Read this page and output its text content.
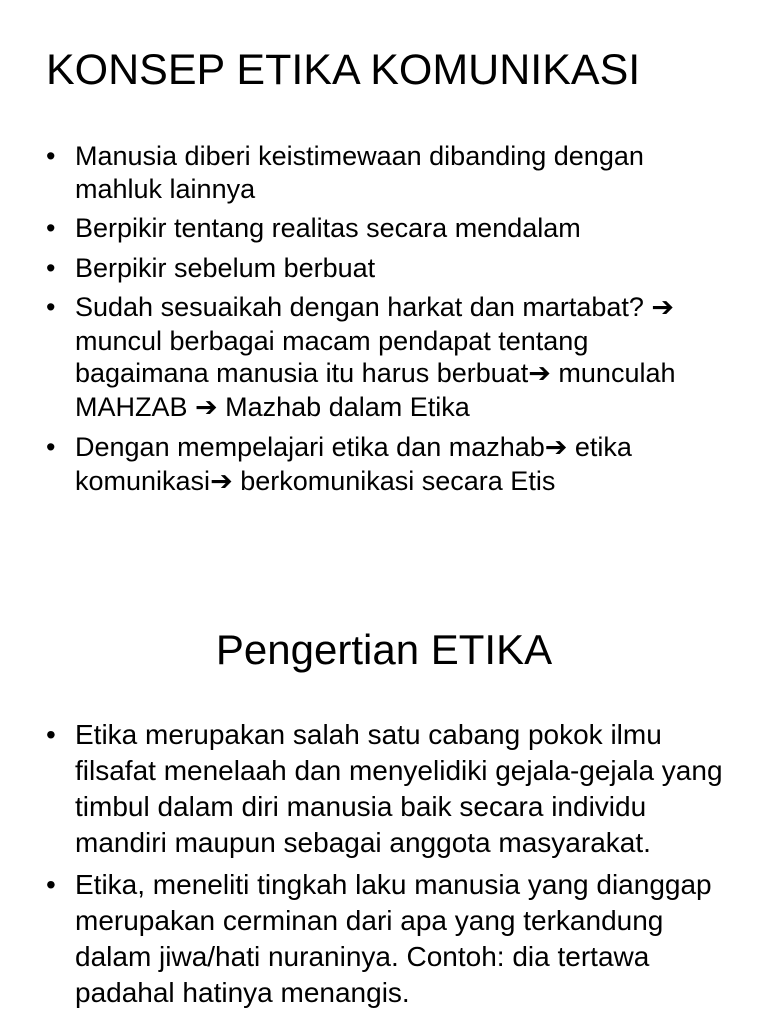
KONSEP ETIKA KOMUNIKASI
• Manusia diberi keistimewaan dibanding dengan mahluk lainnya
• Berpikir tentang realitas secara mendalam
• Berpikir sebelum berbuat
• Sudah sesuaikah dengan harkat dan martabat? ➔ muncul berbagai macam pendapat tentang bagaimana manusia itu harus berbuat➔ munculah MAHZAB ➔ Mazhab dalam Etika
• Dengan mempelajari etika dan mazhab➔ etika komunikasi➔ berkomunikasi secara Etis
Pengertian ETIKA
• Etika merupakan salah satu cabang pokok ilmu filsafat menelaah dan menyelidiki gejala-gejala yang timbul dalam diri manusia baik secara individu mandiri maupun sebagai anggota masyarakat.
• Etika, meneliti tingkah laku manusia yang dianggap merupakan cerminan dari apa yang terkandung dalam jiwa/hati nuraninya. Contoh: dia tertawa padahal hatinya menangis.
